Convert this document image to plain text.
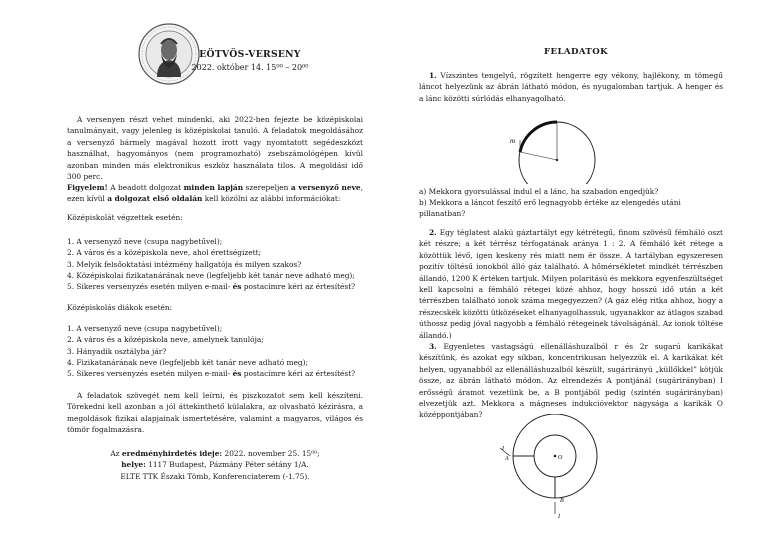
EÖTVÖS-VERSENY
2022. október 14. 15⁰⁰ – 20⁰⁰

A versenyen részt vehet mindenki, aki 2022-ben fejezte be középiskolai tanulmányait, vagy jelenleg is középiskolai tanuló. A feladatok megoldásához a versenyző bármely magával hozott írott vagy nyomtatott segédeszközt használhat, hagyományos (nem programozható) zsebszámológépen kívül azonban minden más elektronikus eszköz használata tilos. A megoldási idő 300 perc.

Figyelem! A beadott dolgozat minden lapján szerepeljen a versenyző neve, ezen kívül a dolgozat első oldalán kell közölni az alábbi információkat:

Középiskolát végzettek esetén:
1. A versenyző neve (csupa nagybetűvel);
2. A város és a középiskola neve, ahol érettségizett;
3. Melyik felsőoktatási intézmény hallgatója és milyen szakos?
4. Középiskolai fizikatanárának neve (legfeljebb két tanár neve adható meg);
5. Sikeres versenyzés esetén milyen e-mail- és postacímre kéri az értesítést?
Középiskolás diákok esetén:
1. A versenyző neve (csupa nagybetűvel);
2. A város és a középiskola neve, amelynek tanulója;
3. Hányadik osztályba jár?
4. Fizikatanárának neve (legfeljebb két tanár neve adható meg);
5. Sikeres versenyzés esetén milyen e-mail- és postacímre kéri az értesítést?

A feladatok szövegét nem kell leírni, és piszkozatot sem kell készíteni. Törekedni kell azonban a jól áttekinthető külalakra, az olvasható kézírásra, a megoldások fizikai alapjainak ismertetésére, valamint a magyaros, világos és tömör fogalmazásra.

Az eredményhirdetés ideje: 2022. november 25. 15⁰⁰;
helye: 1117 Budapest, Pázmány Péter sétány 1/A.
ELTE TTK Északi Tömb, Konferenciaterem (-1.75).
FELADATOK

1. Vízszintes tengelyű, rögzített hengerre egy vékony, hajlékony, m tömegű láncot helyezünk az ábrán látható módon, és nyugalomban tartjuk. A henger és a lánc közötti súrlódás elhanyagolható.

m
a) Mekkora gyorsulással indul el a lánc, ha szabadon engedjük?
b) Mekkora a láncot feszítő erő legnagyobb értéke az elengedés utáni pillanatban?

2. Egy téglatest alakú gáztartályt egy kétrétegű, finom szövésű fémháló oszt két részre; a két térrész térfogatának aránya 1 : 2. A fémháló két rétege a közöttük lévő, igen keskeny rés miatt nem ér össze. A tartályban egyszeresen pozitív töltésű ionokból álló gáz található. A hőmérsékletet mindkét térrészben állandó, 1200 K értéken tartjuk. Milyen polaritású és mekkora egyenfeszültséget kell kapcsolni a fémháló rétegei közé ahhoz, hogy hosszú idő után a két térrészben található ionok száma megegyezzen? (A gáz elég ritka ahhoz, hogy a részecskék közötti ütközéseket elhanyagolhassuk, ugyanakkor az átlagos szabad úthossz pedig jóval nagyobb a fémháló rétegeinek távolságánál. Az ionok töltése állandó.)

3. Egyenletes vastagságú ellenálláshuzalból r és 2r sugarú karikákat készítünk, és azokat egy síkban, koncentrikusan helyezzük el. A karikákat két helyen, ugyanabból az ellenálláshuzalból készült, sugárirányú „küllőkkel” kötjük össze, az ábrán látható módon. Az elrendezés A pontjánál (sugárirányban) I erősségű áramot vezetünk be, a B pontjából pedig (szintén sugárirányban) elvezetjük azt. Mekkora a mágneses indukcióvektor nagysága a karikák O középpontjában?

I
A	O
B
I
